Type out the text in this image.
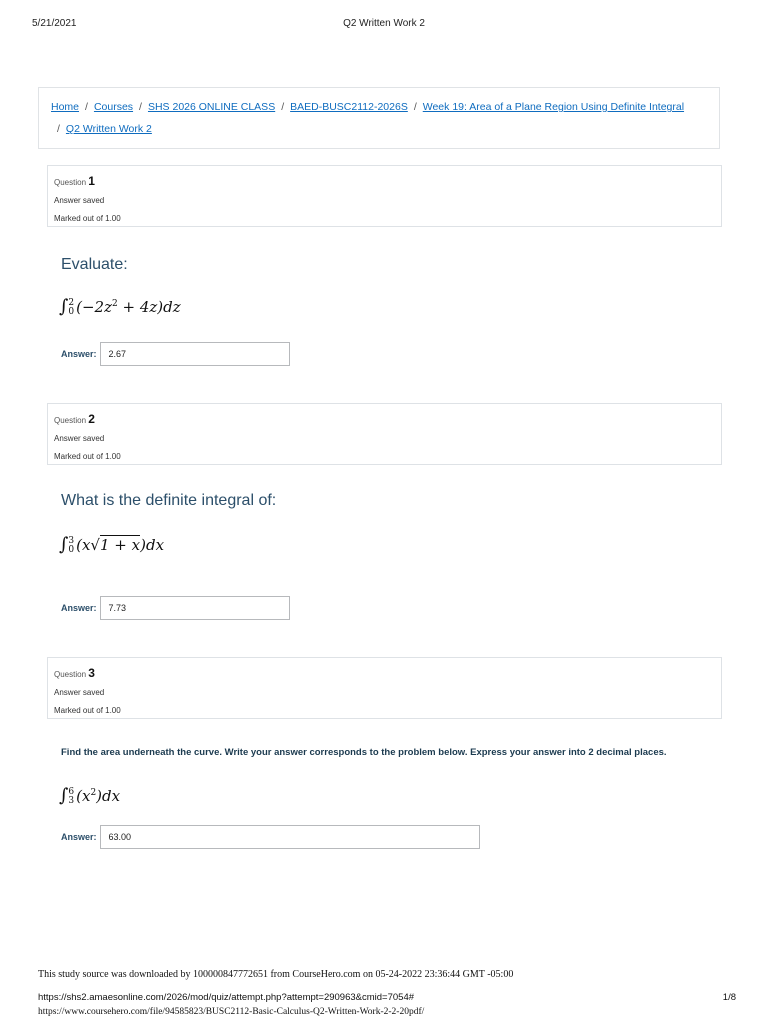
5/21/2021	Q2 Written Work 2
Home / Courses / SHS 2026 ONLINE CLASS / BAED-BUSC2112-2026S / Week 19: Area of a Plane Region Using Definite Integral
/ Q2 Written Work 2
Question 1
Answer saved
Marked out of 1.00
Evaluate:
∫ 2
0 $(-2z^2 + 4z)dz$
Answer:	2.67
Question 2
Answer saved
Marked out of 1.00
What is the definite integral of:
∫ 3
0 (x√1 + x)dx
Answer:	7.73
Question 3
Answer saved
Marked out of 1.00
Find the area underneath the curve. Write your answer corresponds to the problem below. Express your answer into 2 decimal places.
∫ 6
3 $(x^2)dx$
Answer:	63.00
This study source was downloaded by 100000847772651 from CourseHero.com on 05-24-2022 23:36:44 GMT -05:00
https://shs2.amaesonline.com/2026/mod/quiz/attempt.php?attempt=290963&cmid=7054#	1/8
https://www.coursehero.com/file/94585823/BUSC2112-Basic-Calculus-Q2-Written-Work-2-2-20pdf/
